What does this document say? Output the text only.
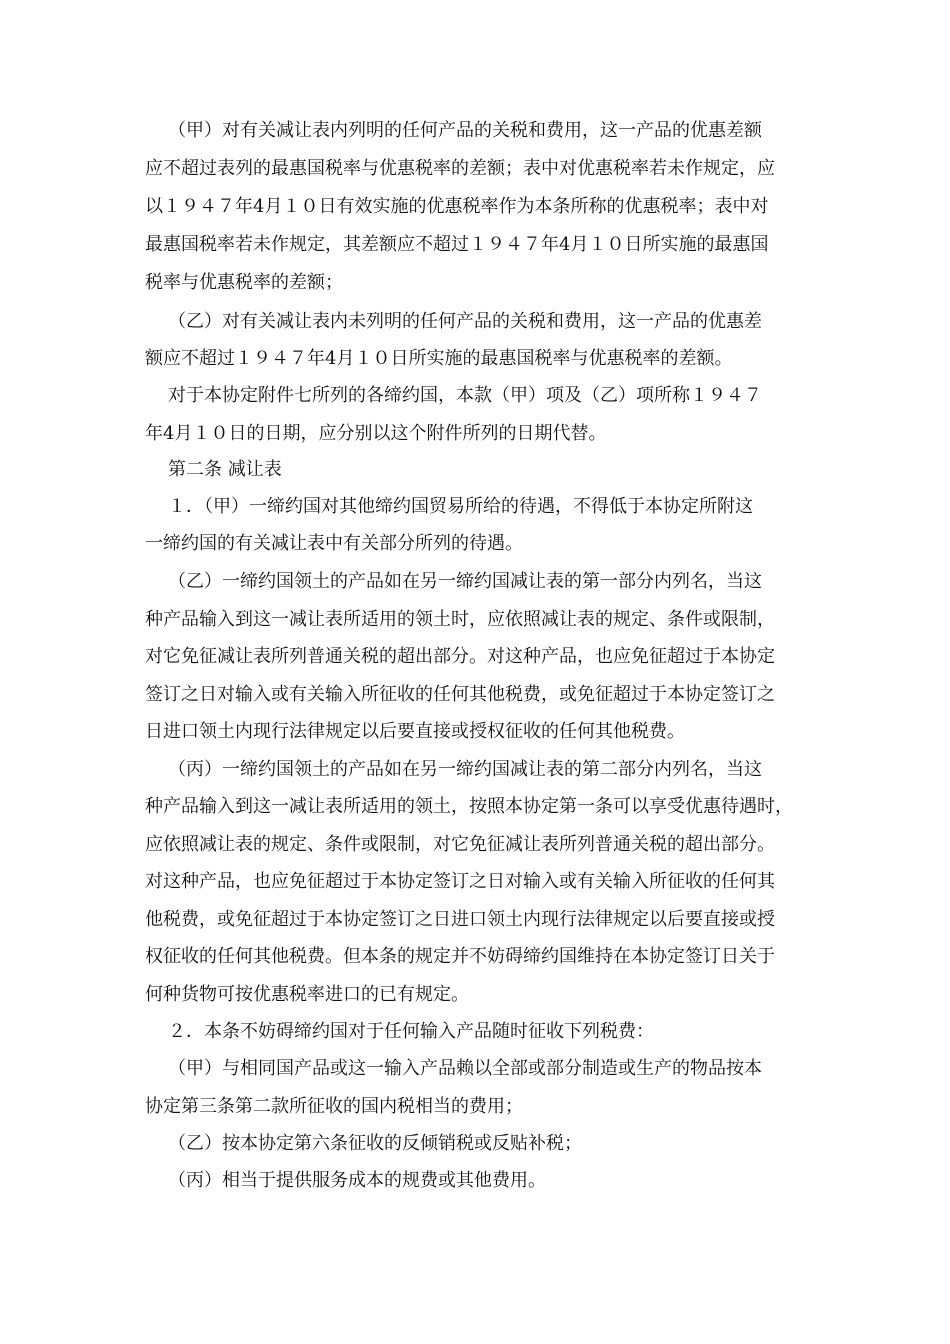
（甲）对有关减让表内列明的任何产品的关税和费用，这一产品的优惠差额
应不超过表列的最惠国税率与优惠税率的差额；表中对优惠税率若未作规定，应
以１９４７年4月１０日有效实施的优惠税率作为本条所称的优惠税率；表中对
最惠国税率若未作规定，其差额应不超过１９４７年4月１０日所实施的最惠国
税率与优惠税率的差额；
（乙）对有关减让表内未列明的任何产品的关税和费用，这一产品的优惠差
额应不超过１９４７年4月１０日所实施的最惠国税率与优惠税率的差额。
对于本协定附件七所列的各缔约国，本款（甲）项及（乙）项所称１９４７
年4月１０日的日期，应分别以这个附件所列的日期代替。
第二条 减让表
１．（甲）一缔约国对其他缔约国贸易所给的待遇，不得低于本协定所附这
一缔约国的有关减让表中有关部分所列的待遇。
（乙）一缔约国领土的产品如在另一缔约国减让表的第一部分内列名，当这
种产品输入到这一减让表所适用的领土时，应依照减让表的规定、条件或限制，
对它免征减让表所列普通关税的超出部分。对这种产品，也应免征超过于本协定
签订之日对输入或有关输入所征收的任何其他税费，或免征超过于本协定签订之
日进口领土内现行法律规定以后要直接或授权征收的任何其他税费。
（丙）一缔约国领土的产品如在另一缔约国减让表的第二部分内列名，当这
种产品输入到这一减让表所适用的领土，按照本协定第一条可以享受优惠待遇时，
应依照减让表的规定、条件或限制，对它免征减让表所列普通关税的超出部分。
对这种产品，也应免征超过于本协定签订之日对输入或有关输入所征收的任何其
他税费，或免征超过于本协定签订之日进口领土内现行法律规定以后要直接或授
权征收的任何其他税费。但本条的规定并不妨碍缔约国维持在本协定签订日关于
何种货物可按优惠税率进口的已有规定。
２．本条不妨碍缔约国对于任何输入产品随时征收下列税费：
（甲）与相同国产品或这一输入产品赖以全部或部分制造或生产的物品按本
协定第三条第二款所征收的国内税相当的费用；
（乙）按本协定第六条征收的反倾销税或反贴补税；
（丙）相当于提供服务成本的规费或其他费用。
